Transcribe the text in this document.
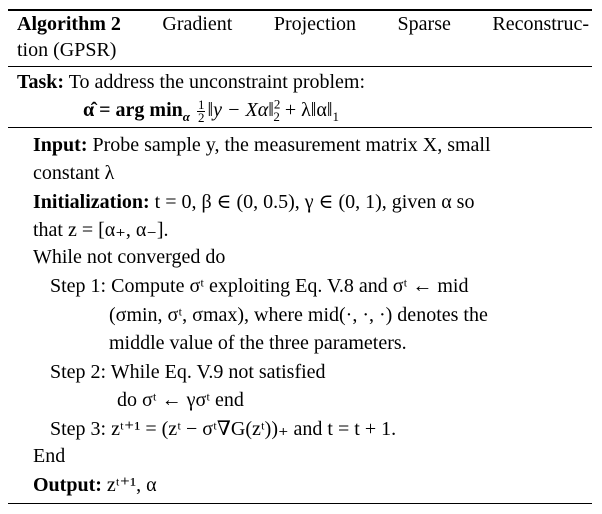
Algorithm 2 Gradient Projection Sparse Reconstruc-
tion (GPSR)
Task: To address the unconstraint problem:
α̂ = arg $\min_\alpha \frac{1}{2}$ ‖y − Xα‖$^2_2$ + $\lambda‖\alpha‖_1$
Input: Probe sample y, the measurement matrix X, small
constant λ
Initialization: t = 0, β ∈ (0, 0.5), γ ∈ (0, 1), given α so
that z = [α₊, α₋].
While not converged do
Step 1: Compute σᵗ exploiting Eq. V.8 and σᵗ ← mid
(σmin, σᵗ, σmax), where mid(·, ·, ·) denotes the
middle value of the three parameters.
Step 2: While Eq. V.9 not satisfied
do σᵗ ← γσᵗ end
Step 3: zᵗ⁺¹ = (zᵗ − σᵗ∇G(zᵗ))₊ and t = t + 1.
End
Output: zᵗ⁺¹, α
